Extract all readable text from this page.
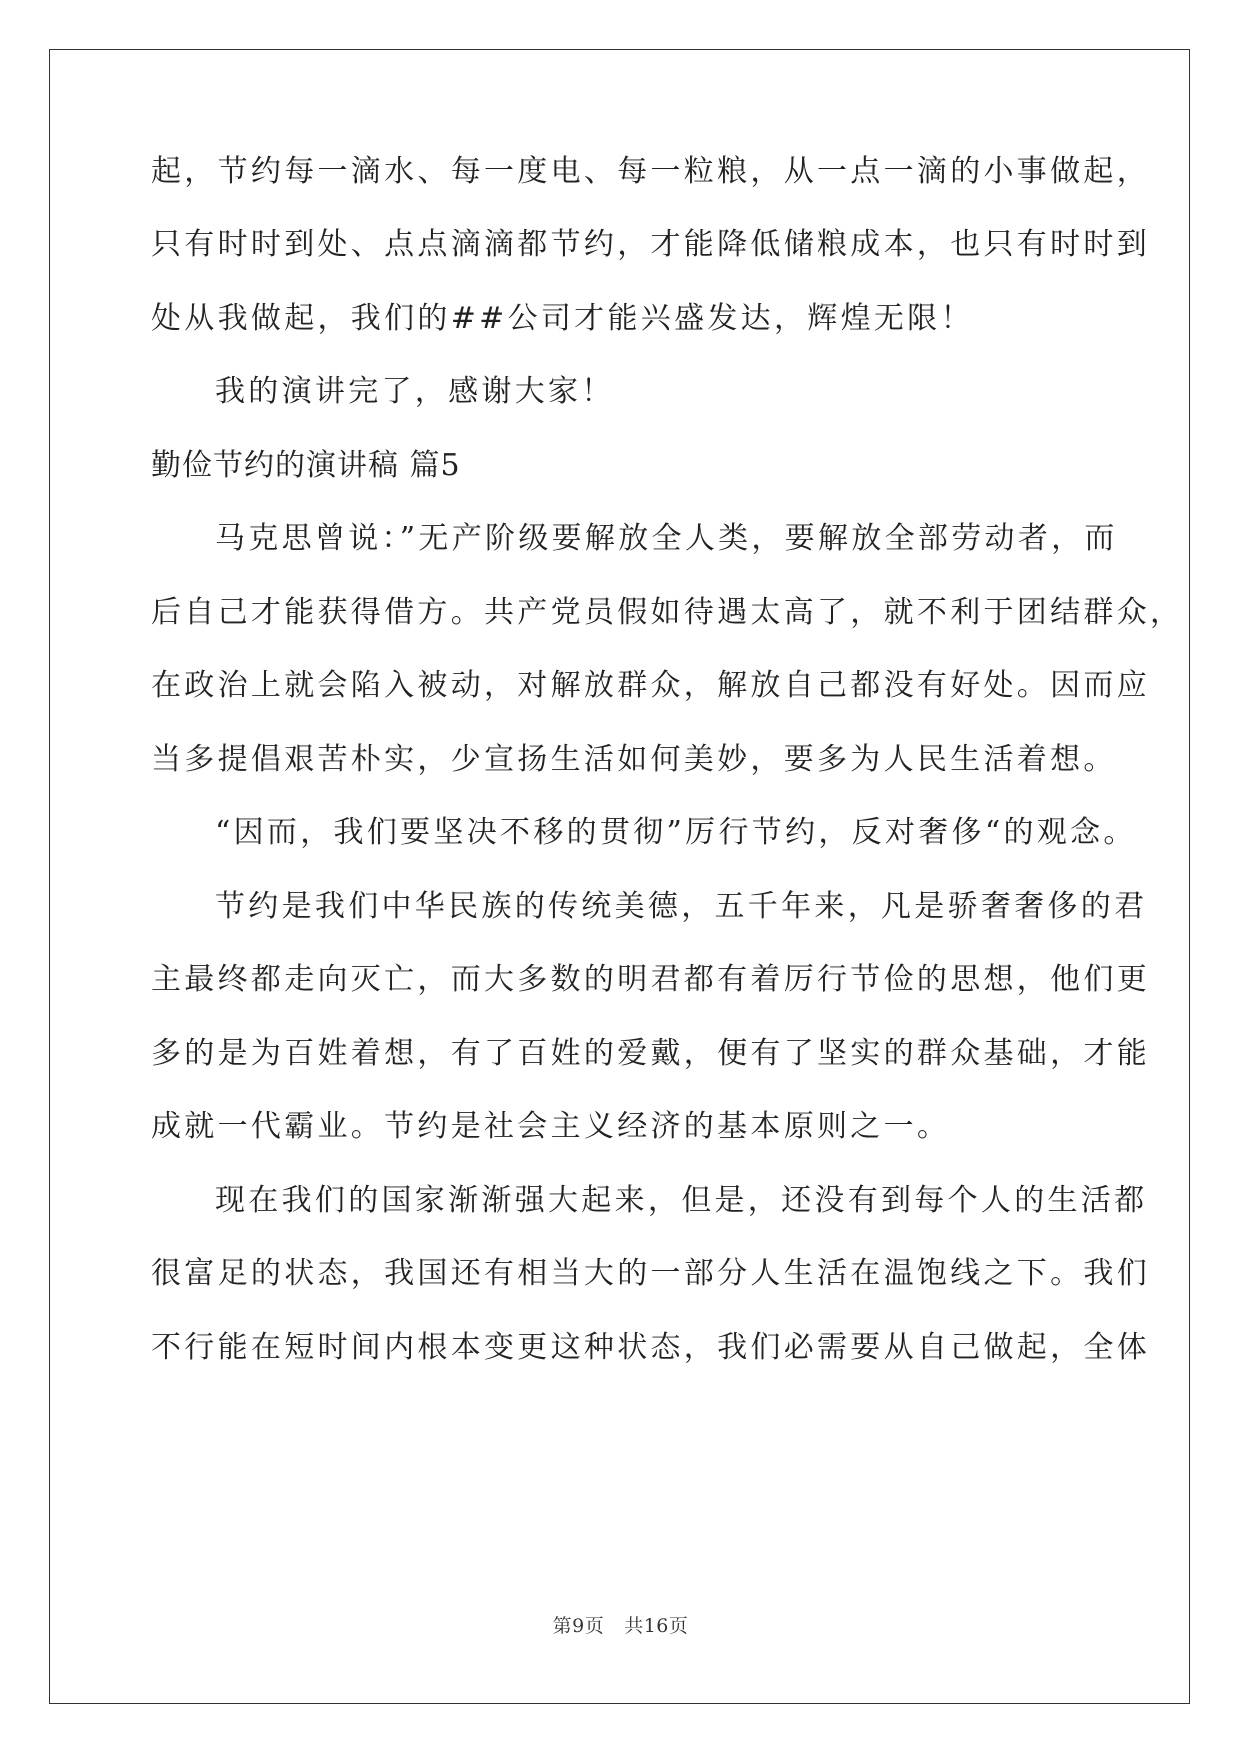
起，节约每一滴水、每一度电、每一粒粮，从一点一滴的小事做起，
只有时时到处、点点滴滴都节约，才能降低储粮成本，也只有时时到
处从我做起，我们的##公司才能兴盛发达，辉煌无限！
我的演讲完了，感谢大家！
勤俭节约的演讲稿 篇5
马克思曾说：”无产阶级要解放全人类，要解放全部劳动者，而
后自己才能获得借方。共产党员假如待遇太高了，就不利于团结群众，
在政治上就会陷入被动，对解放群众，解放自己都没有好处。因而应
当多提倡艰苦朴实，少宣扬生活如何美妙，要多为人民生活着想。
“因而，我们要坚决不移的贯彻”厉行节约，反对奢侈“的观念。
节约是我们中华民族的传统美德，五千年来，凡是骄奢奢侈的君
主最终都走向灭亡，而大多数的明君都有着厉行节俭的思想，他们更
多的是为百姓着想，有了百姓的爱戴，便有了坚实的群众基础，才能
成就一代霸业。节约是社会主义经济的基本原则之一。
现在我们的国家渐渐强大起来，但是，还没有到每个人的生活都
很富足的状态，我国还有相当大的一部分人生活在温饱线之下。我们
不行能在短时间内根本变更这种状态，我们必需要从自己做起，全体
第9页 共16页
